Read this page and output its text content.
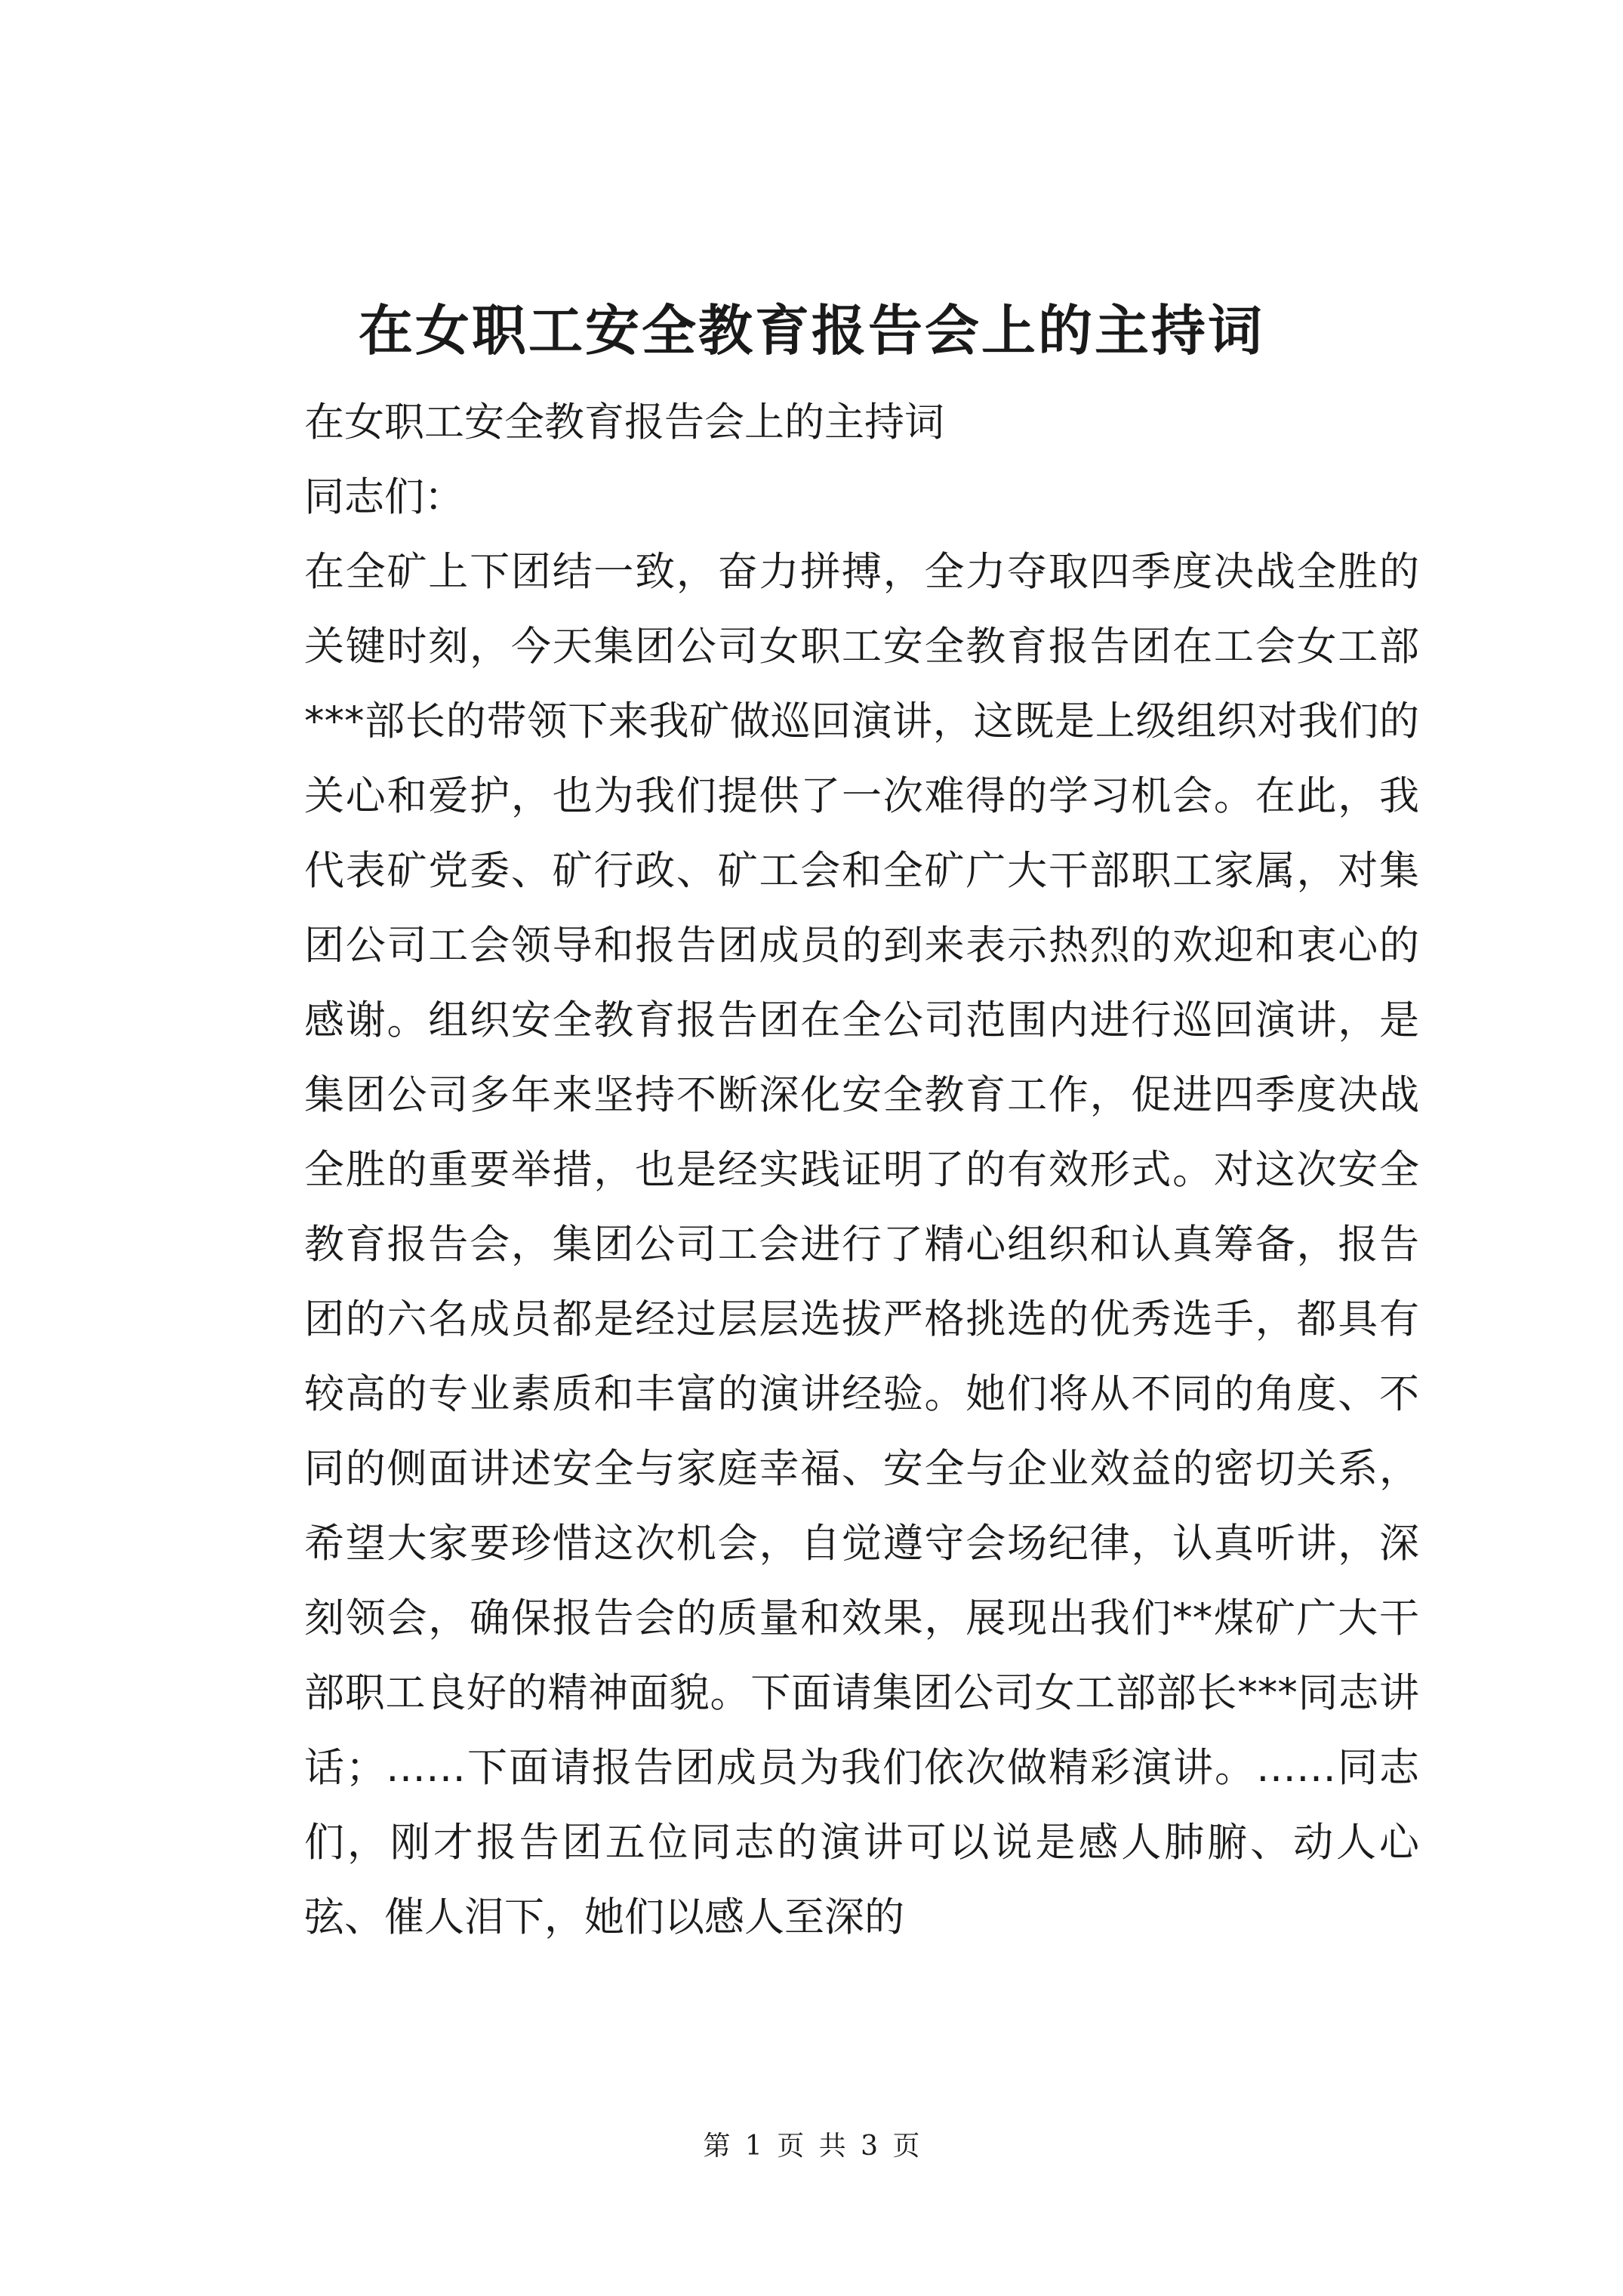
在女职工安全教育报告会上的主持词

在女职工安全教育报告会上的主持词

同志们：

在全矿上下团结一致，奋力拼搏，全力夺取四季度决战全胜的关键时刻，今天集团公司女职工安全教育报告团在工会女工部***部长的带领下来我矿做巡回演讲，这既是上级组织对我们的关心和爱护，也为我们提供了一次难得的学习机会。在此，我代表矿党委、矿行政、矿工会和全矿广大干部职工家属，对集团公司工会领导和报告团成员的到来表示热烈的欢迎和衷心的感谢。组织安全教育报告团在全公司范围内进行巡回演讲，是集团公司多年来坚持不断深化安全教育工作，促进四季度决战全胜的重要举措，也是经实践证明了的有效形式。对这次安全教育报告会，集团公司工会进行了精心组织和认真筹备，报告团的六名成员都是经过层层选拔严格挑选的优秀选手，都具有较高的专业素质和丰富的演讲经验。她们将从不同的角度、不同的侧面讲述安全与家庭幸福、安全与企业效益的密切关系，希望大家要珍惜这次机会，自觉遵守会场纪律，认真听讲，深刻领会，确保报告会的质量和效果，展现出我们**煤矿广大干部职工良好的精神面貌。下面请集团公司女工部部长***同志讲话；……下面请报告团成员为我们依次做精彩演讲。……同志们，刚才报告团五位同志的演讲可以说是感人肺腑、动人心弦、催人泪下，她们以感人至深的

第 1 页 共 3 页
